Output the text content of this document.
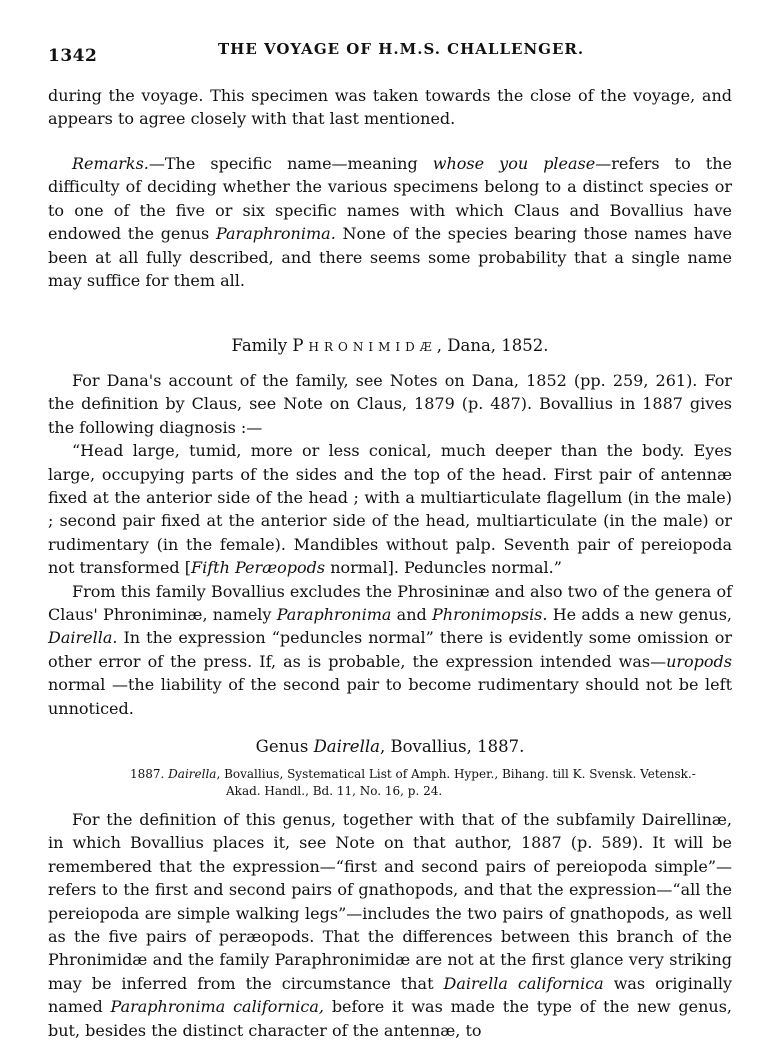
1342	THE VOYAGE OF H.M.S. CHALLENGER.

during the voyage. This specimen was taken towards the close of the voyage, and appears to agree closely with that last mentioned.

Remarks.—The specific name—meaning whose you please—refers to the difficulty of deciding whether the various specimens belong to a distinct species or to one of the five or six specific names with which Claus and Bovallius have endowed the genus Paraphronima. None of the species bearing those names have been at all fully described, and there seems some probability that a single name may suffice for them all.

Family Phronimidæ, Dana, 1852.

For Dana's account of the family, see Notes on Dana, 1852 (pp. 259, 261). For the definition by Claus, see Note on Claus, 1879 (p. 487). Bovallius in 1887 gives the following diagnosis :—

“Head large, tumid, more or less conical, much deeper than the body. Eyes large, occupying parts of the sides and the top of the head. First pair of antennæ fixed at the anterior side of the head ; with a multiarticulate flagellum (in the male) ; second pair fixed at the anterior side of the head, multiarticulate (in the male) or rudimentary (in the female). Mandibles without palp. Seventh pair of pereiopoda not transformed [Fifth Peræopods normal]. Peduncles normal.”

From this family Bovallius excludes the Phrosininæ and also two of the genera of Claus' Phroniminæ, namely Paraphronima and Phronimopsis. He adds a new genus, Dairella. In the expression “peduncles normal” there is evidently some omission or other error of the press. If, as is probable, the expression intended was—uropods normal —the liability of the second pair to become rudimentary should not be left unnoticed.

Genus Dairella, Bovallius, 1887.
1887. Dairella, Bovallius, Systematical List of Amph. Hyper., Bihang. till K. Svensk. Vetensk.-
Akad. Handl., Bd. 11, No. 16, p. 24.

For the definition of this genus, together with that of the subfamily Dairellinæ, in which Bovallius places it, see Note on that author, 1887 (p. 589). It will be remembered that the expression—“first and second pairs of pereiopoda simple”—refers to the first and second pairs of gnathopods, and that the expression—“all the pereiopoda are simple walking legs”—includes the two pairs of gnathopods, as well as the five pairs of peræopods. That the differences between this branch of the Phronimidæ and the family Paraphronimidæ are not at the first glance very striking may be inferred from the circumstance that Dairella californica was originally named Paraphronima californica, before it was made the type of the new genus, but, besides the distinct character of the antennæ, to
